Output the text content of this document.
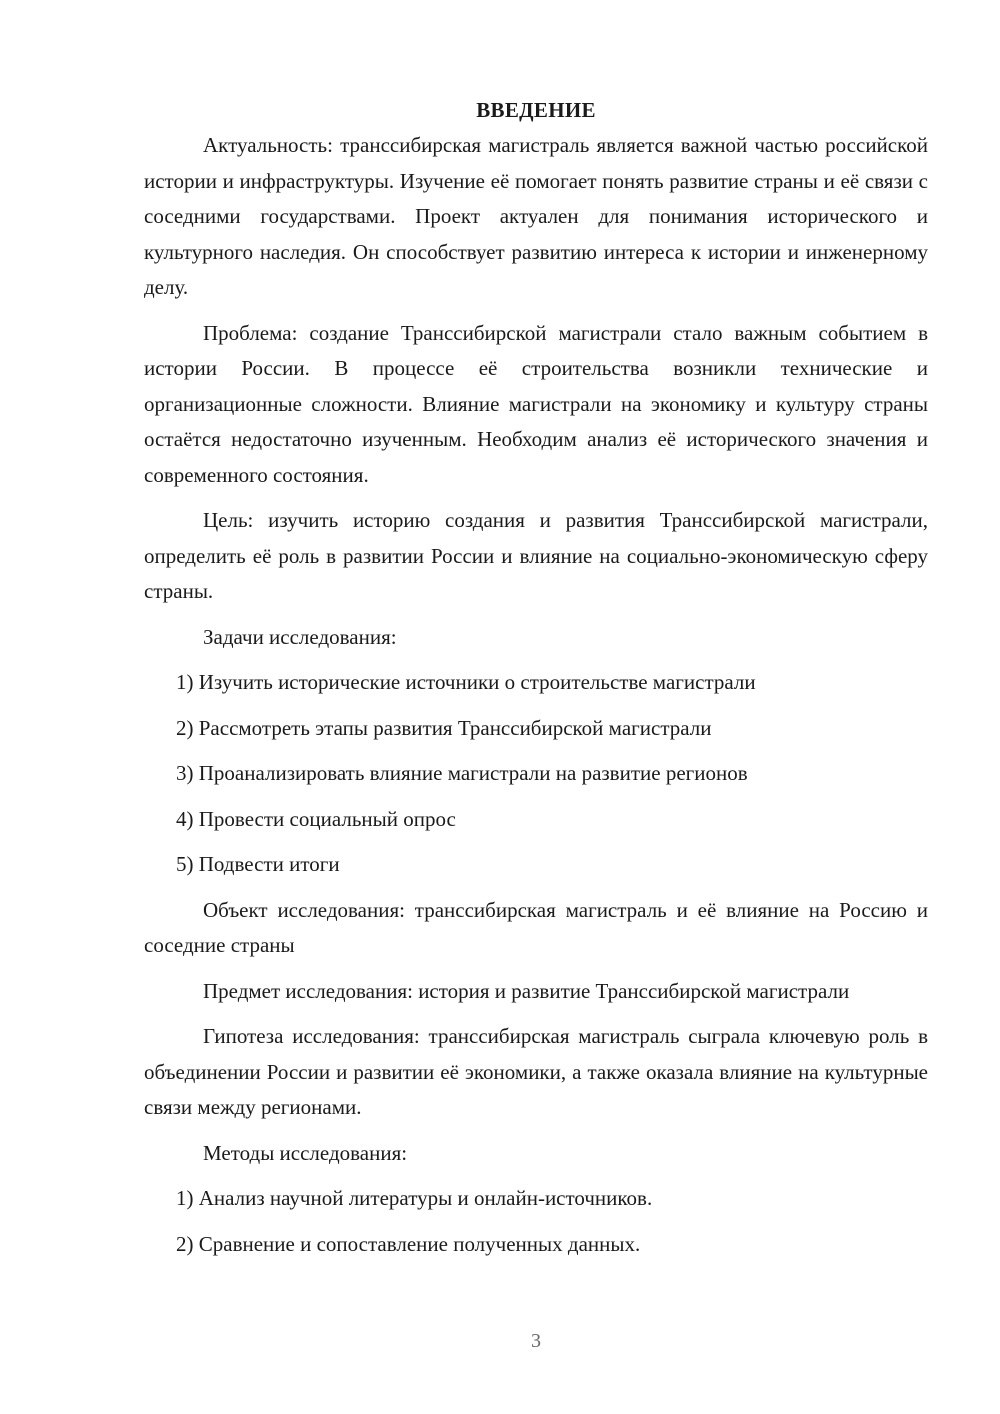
ВВЕДЕНИЕ

Актуальность: транссибирская магистраль является важной частью российской истории и инфраструктуры. Изучение её помогает понять развитие страны и её связи с соседними государствами. Проект актуален для понимания исторического и культурного наследия. Он способствует развитию интереса к истории и инженерному делу.

Проблема: создание Транссибирской магистрали стало важным событием в истории России. В процессе её строительства возникли технические и организационные сложности. Влияние магистрали на экономику и культуру страны остаётся недостаточно изученным. Необходим анализ её исторического значения и современного состояния.

Цель: изучить историю создания и развития Транссибирской магистрали, определить её роль в развитии России и влияние на социально-экономическую сферу страны.

Задачи исследования:

1) Изучить исторические источники о строительстве магистрали

2) Рассмотреть этапы развития Транссибирской магистрали

3) Проанализировать влияние магистрали на развитие регионов

4) Провести социальный опрос

5) Подвести итоги

Объект исследования: транссибирская магистраль и её влияние на Россию и соседние страны

Предмет исследования: история и развитие Транссибирской магистрали

Гипотеза исследования: транссибирская магистраль сыграла ключевую роль в объединении России и развитии её экономики, а также оказала влияние на культурные связи между регионами.

Методы исследования:

1) Анализ научной литературы и онлайн-источников.

2) Сравнение и сопоставление полученных данных.

3
